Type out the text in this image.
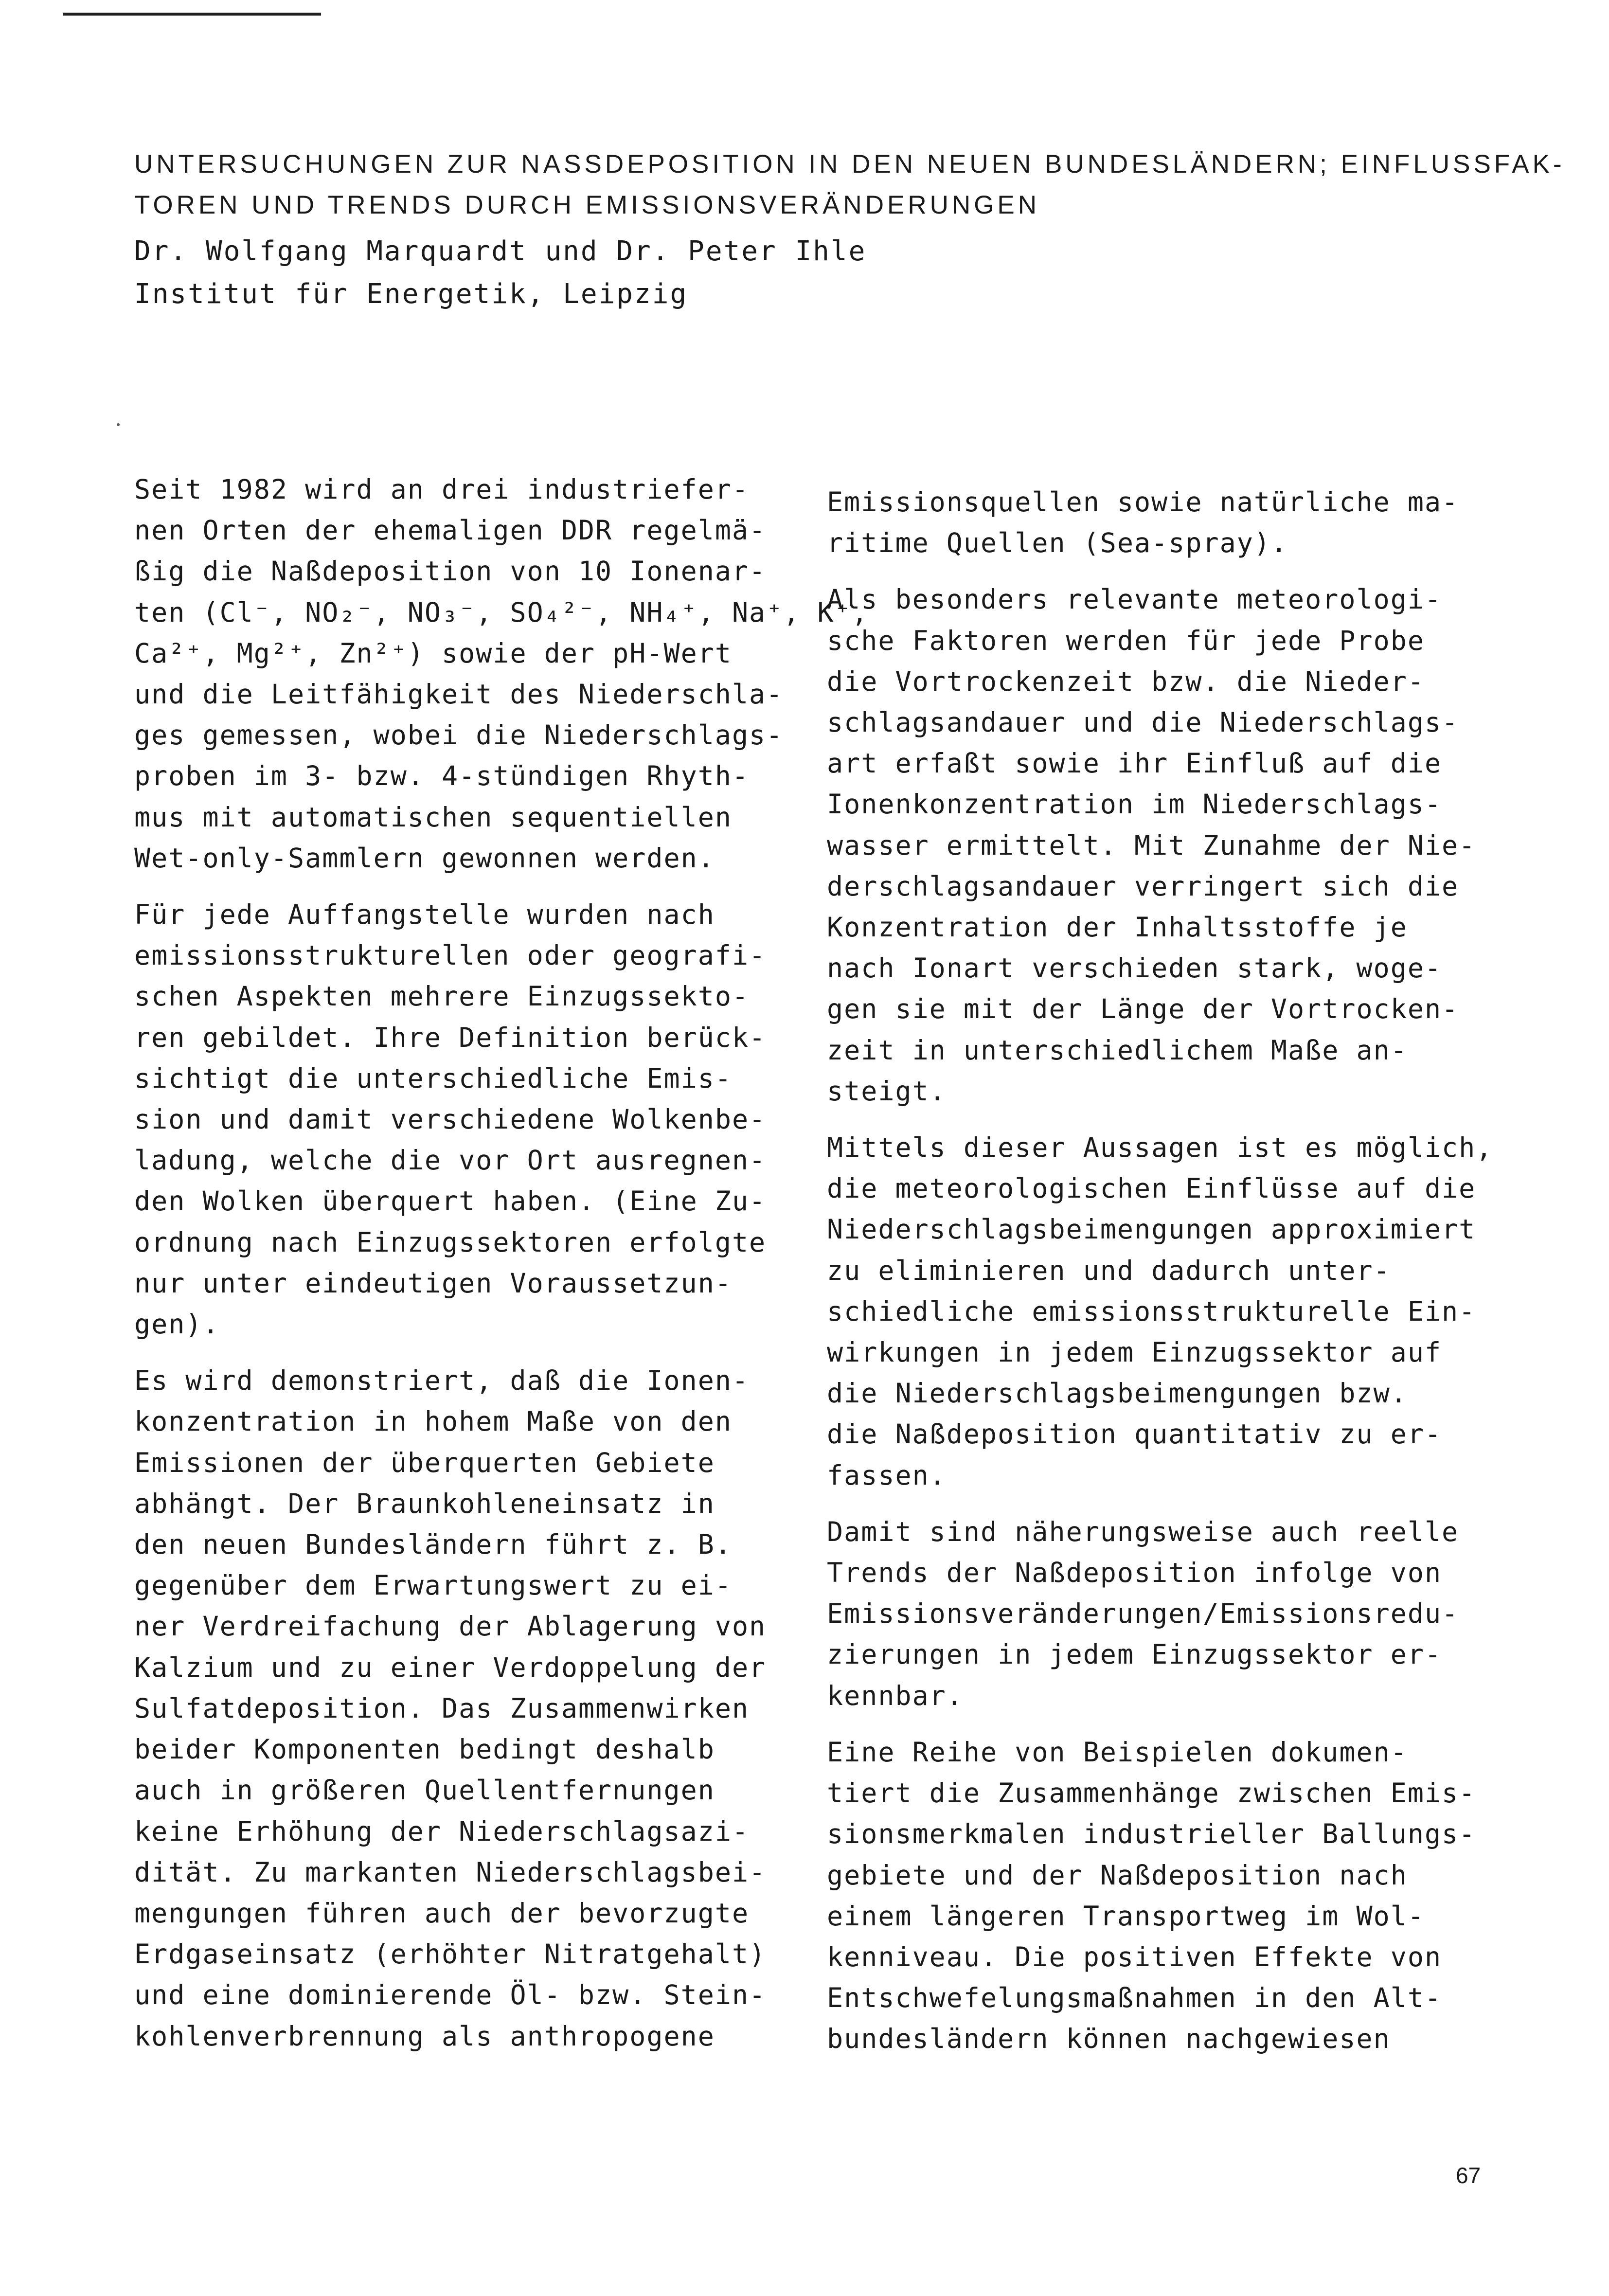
UNTERSUCHUNGEN ZUR NASSDEPOSITION IN DEN NEUEN BUNDESLÄNDERN; EINFLUSSFAK-
TOREN UND TRENDS DURCH EMISSIONSVERÄNDERUNGEN
Dr. Wolfgang Marquardt und Dr. Peter Ihle
Institut für Energetik, Leipzig
Seit 1982 wird an drei industriefer-
nen Orten der ehemaligen DDR regelmä-
ßig die Naßdeposition von 10 Ionenar-
ten (Cl⁻, NO₂⁻, NO₃⁻, SO₄²⁻, NH₄⁺, Na⁺, K⁺,
Ca²⁺, Mg²⁺, Zn²⁺) sowie der pH-Wert
und die Leitfähigkeit des Niederschla-
ges gemessen, wobei die Niederschlags-
proben im 3- bzw. 4-stündigen Rhyth-
mus mit automatischen sequentiellen
Wet-only-Sammlern gewonnen werden.
Für jede Auffangstelle wurden nach
emissionsstrukturellen oder geografi-
schen Aspekten mehrere Einzugssekto-
ren gebildet. Ihre Definition berück-
sichtigt die unterschiedliche Emis-
sion und damit verschiedene Wolkenbe-
ladung, welche die vor Ort ausregnen-
den Wolken überquert haben. (Eine Zu-
ordnung nach Einzugssektoren erfolgte
nur unter eindeutigen Voraussetzun-
gen).
Es wird demonstriert, daß die Ionen-
konzentration in hohem Maße von den
Emissionen der überquerten Gebiete
abhängt. Der Braunkohleneinsatz in
den neuen Bundesländern führt z. B.
gegenüber dem Erwartungswert zu ei-
ner Verdreifachung der Ablagerung von
Kalzium und zu einer Verdoppelung der
Sulfatdeposition. Das Zusammenwirken
beider Komponenten bedingt deshalb
auch in größeren Quellentfernungen
keine Erhöhung der Niederschlagsazi-
dität. Zu markanten Niederschlagsbei-
mengungen führen auch der bevorzugte
Erdgaseinsatz (erhöhter Nitratgehalt)
und eine dominierende Öl- bzw. Stein-
kohlenverbrennung als anthropogene
Emissionsquellen sowie natürliche ma-
ritime Quellen (Sea-spray).
Als besonders relevante meteorologi-
sche Faktoren werden für jede Probe
die Vortrockenzeit bzw. die Nieder-
schlagsandauer und die Niederschlags-
art erfaßt sowie ihr Einfluß auf die
Ionenkonzentration im Niederschlags-
wasser ermittelt. Mit Zunahme der Nie-
derschlagsandauer verringert sich die
Konzentration der Inhaltsstoffe je
nach Ionart verschieden stark, woge-
gen sie mit der Länge der Vortrocken-
zeit in unterschiedlichem Maße an-
steigt.
Mittels dieser Aussagen ist es möglich,
die meteorologischen Einflüsse auf die
Niederschlagsbeimengungen approximiert
zu eliminieren und dadurch unter-
schiedliche emissionsstrukturelle Ein-
wirkungen in jedem Einzugssektor auf
die Niederschlagsbeimengungen bzw.
die Naßdeposition quantitativ zu er-
fassen.
Damit sind näherungsweise auch reelle
Trends der Naßdeposition infolge von
Emissionsveränderungen/Emissionsredu-
zierungen in jedem Einzugssektor er-
kennbar.
Eine Reihe von Beispielen dokumen-
tiert die Zusammenhänge zwischen Emis-
sionsmerkmalen industrieller Ballungs-
gebiete und der Naßdeposition nach
einem längeren Transportweg im Wol-
kenniveau. Die positiven Effekte von
Entschwefelungsmaßnahmen in den Alt-
bundesländern können nachgewiesen
67
